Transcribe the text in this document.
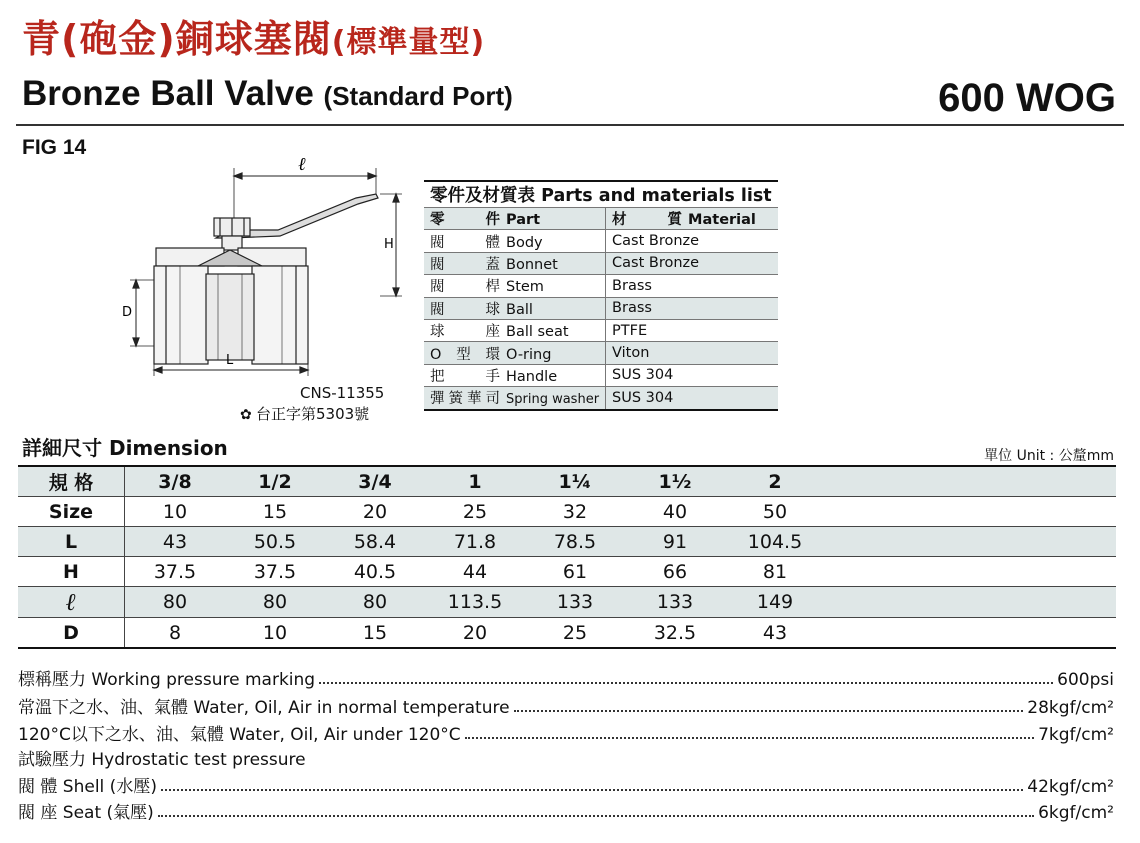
青(砲金)銅球塞閥(標準量型)
Bronze Ball Valve (Standard Port)	600 WOG
FIG 14
ℓ
H
D
L
CNS-11355
✿ 台正字第5303號
零件及材質表 Parts and materials list	
零件 Part	材質 Material
閥體 Body	Cast Bronze
閥蓋 Bonnet	Cast Bronze
閥桿 Stem	Brass
閥球 Ball	Brass
球座 Ball seat	PTFE
O型環 O-ring	Viton
把手 Handle	SUS 304
彈簧華司 Spring washer	SUS 304
詳細尺寸 Dimension	單位 Unit : 公釐mm
規 格	3/8	1/2	3/4	1	1¼	1½	2	
Size	10	15	20	25	32	40	50	
L	43	50.5	58.4	71.8	78.5	91	104.5	
H	37.5	37.5	40.5	44	61	66	81	
ℓ	80	80	80	113.5	133	133	149	
D	8	10	15	20	25	32.5	43	
標稱壓力 Working pressure marking	600psi
常溫下之水、油、氣體 Water, Oil, Air in normal temperature	28kgf/cm²
120°C以下之水、油、氣體 Water, Oil, Air under 120°C	7kgf/cm²
試驗壓力 Hydrostatic test pressure
閥 體 Shell (水壓)	42kgf/cm²
閥 座 Seat (氣壓)	6kgf/cm²
